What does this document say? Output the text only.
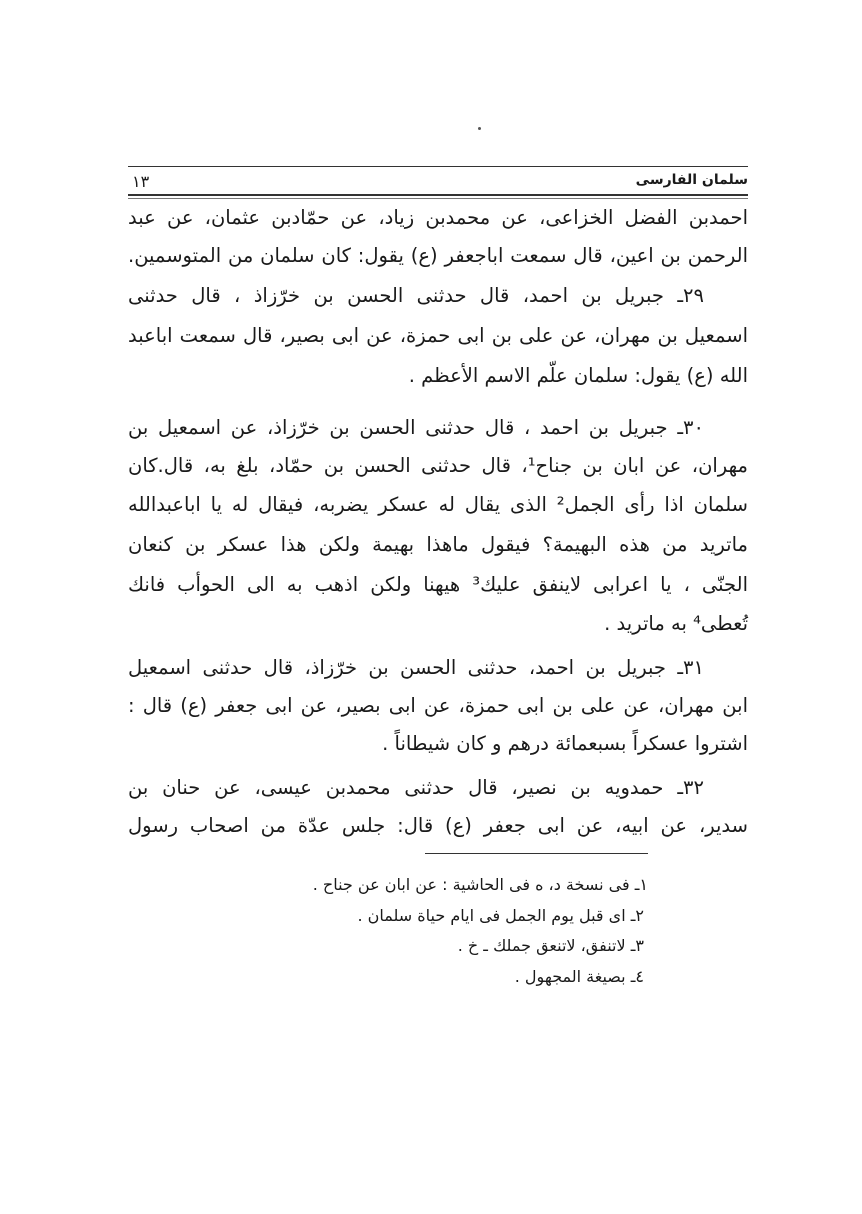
سلمان الفارسی
١٣
احمدبن الفضل الخزاعی، عن محمدبن زیاد، عن حمّادبن عثمان، عن عبد
الرحمن بن اعین، قال سمعت اباجعفر (ع) یقول: کان سلمان من المتوسمین.
۲۹ـ جبریل بن احمد، قال حدثنی الحسن بن خرّزاذ ، قال حدثنی
اسمعیل بن مهران، عن علی بن ابی حمزة، عن ابی بصیر، قال سمعت اباعبد
الله (ع) یقول: سلمان علّم الاسم الأعظم .
۳۰ـ جبریل بن احمد ، قال حدثنی الحسن بن خرّزاذ، عن اسمعیل بن
مهران، عن ابان بن جناح¹، قال حدثنی الحسن بن حمّاد، بلغ به، قال.کان
سلمان اذا رأی الجمل² الذی یقال له عسکر یضربه، فیقال له یا اباعبدالله
ماترید من هذه البهیمة؟ فیقول ماهذا بهیمة ولکن هذا عسکر بن کنعان
الجنّی ، یا اعرابی لاینفق علیك³ هیهنا ولکن اذهب به الی الحوأب فانك
تُعطی⁴ به ماترید .
۳۱ـ جبریل بن احمد، حدثنی الحسن بن خرّزاذ، قال حدثنی اسمعیل
ابن مهران، عن علی بن ابی حمزة، عن ابی بصیر، عن ابی جعفر (ع) قال :
اشتروا عسکراً بسبعمائة درهم و کان شیطاناً .
۳۲ـ حمدویه بن نصیر، قال حدثنی محمدبن عیسی، عن حنان بن
سدیر، عن ابیه، عن ابی جعفر (ع) قال: جلس عدّة من اصحاب رسول
۱ـ فی نسخة د، ه فی الحاشیة : عن ابان عن جناح .
۲ـ ای قبل یوم الجمل فی ایام حیاة سلمان .
۳ـ لاتنفق، لاتنعق جملك ـ خ .
٤ـ بصیغة المجهول .
